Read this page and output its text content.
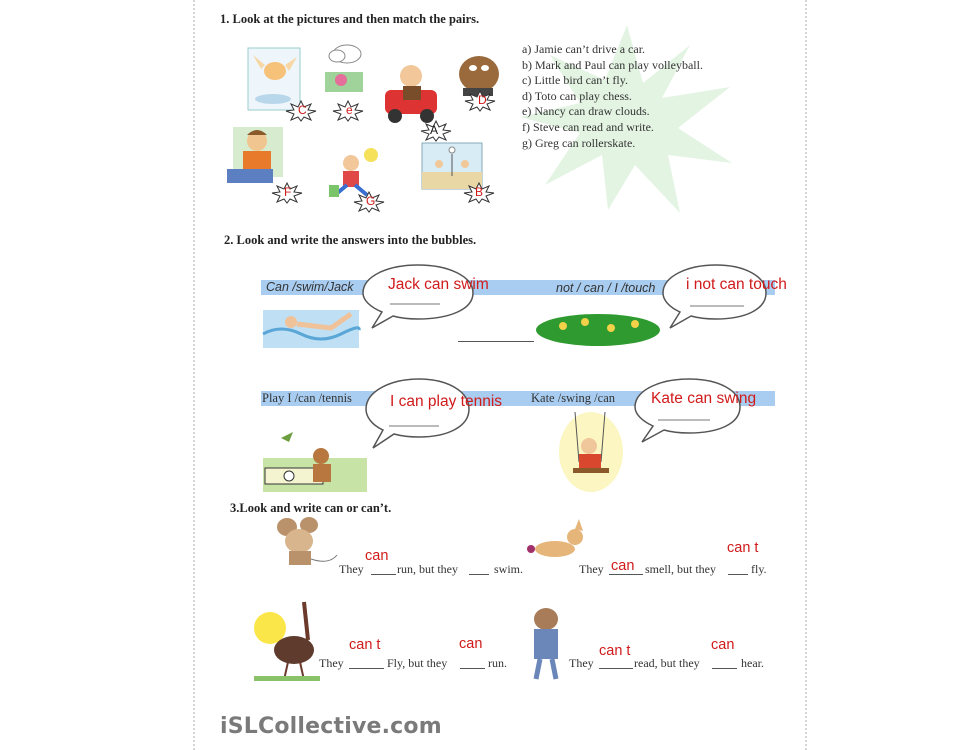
1. Look at the pictures and then match the pairs.
a) Jamie can’t drive a car.
b) Mark and Paul can play volleyball.
c) Little bird can’t fly.
d) Toto can play chess.
e) Nancy can draw clouds.
f) Steve can read and write.
g) Greg can rollerskate.
C	e
D
A
F
G
B
2. Look and write the answers into the bubbles.
Can /swim/Jack	not / can / I /touch
Play I /can /tennis	Kate /swing /can
Jack can swim	i not can touch
I can play tennis	Kate can swing
3.Look and write can or can’t.
They	run, but they	swim.	They	smell, but they	fly.
can
can
can t
They	Fly, but they	run.	They	read, but they	hear.
can t	can	can t	can
iSLCollective.com
